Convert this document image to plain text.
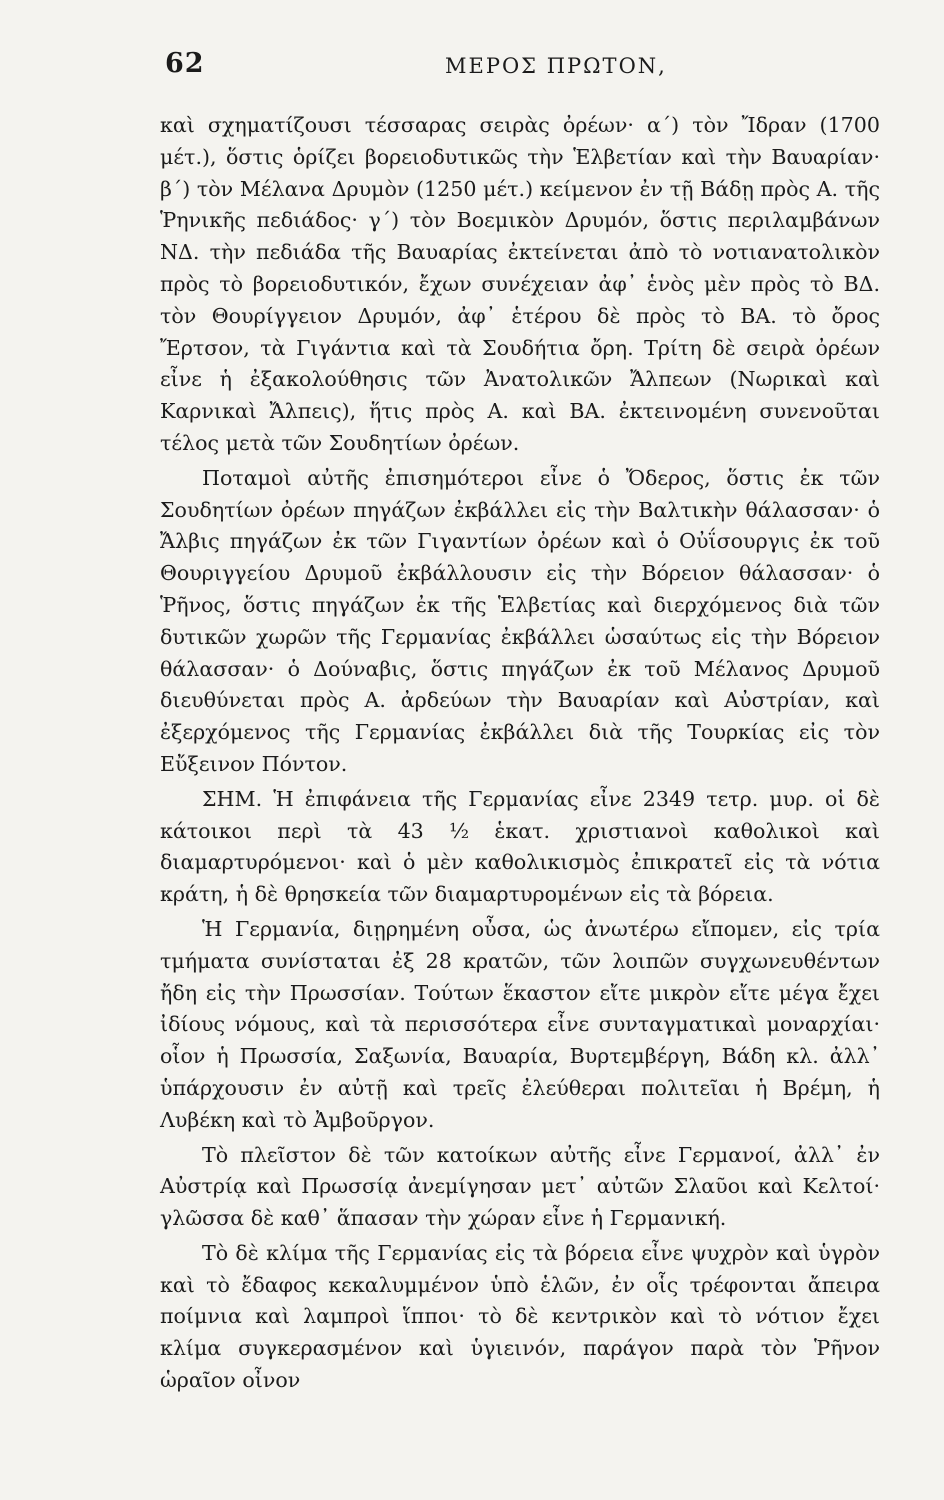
62	ΜΕΡΟΣ ΠΡΩΤΟΝ,

καὶ σχηματίζουσι τέσσαρας σειρὰς ὀρέων· α΄) τὸν Ἴδραν (1700 μέτ.), ὅστις ὁρίζει βορειοδυτικῶς τὴν Ἑλβετίαν καὶ τὴν Βαυαρίαν· β΄) τὸν Μέλανα Δρυμὸν (1250 μέτ.) κείμενον ἐν τῇ Βάδῃ πρὸς Α. τῆς Ῥηνικῆς πεδιάδος· γ΄) τὸν Βοεμικὸν Δρυμόν, ὅστις περιλαμβάνων ΝΔ. τὴν πεδιάδα τῆς Βαυαρίας ἐκτείνεται ἀπὸ τὸ νοτιανατολικὸν πρὸς τὸ βορειοδυτικόν, ἔχων συνέχειαν ἀφ᾽ ἑνὸς μὲν πρὸς τὸ ΒΔ. τὸν Θουρίγγειον Δρυμόν, ἀφ᾽ ἑτέρου δὲ πρὸς τὸ ΒΑ. τὸ ὄρος Ἔρτσον, τὰ Γιγάντια καὶ τὰ Σουδήτια ὄρη. Τρίτη δὲ σειρὰ ὀρέων εἶνε ἡ ἐξακολούθησις τῶν Ἀνατολικῶν Ἄλπεων (Νωρικαὶ καὶ Καρνικαὶ Ἄλπεις), ἥτις πρὸς Α. καὶ ΒΑ. ἐκτεινομένη συνενοῦται τέλος μετὰ τῶν Σουδητίων ὀρέων.

Ποταμοὶ αὐτῆς ἐπισημότεροι εἶνε ὁ Ὄδερος, ὅστις ἐκ τῶν Σουδητίων ὀρέων πηγάζων ἐκβάλλει εἰς τὴν Βαλτικὴν θάλασσαν· ὁ Ἄλβις πηγάζων ἐκ τῶν Γιγαντίων ὀρέων καὶ ὁ Οὐΐσουργις ἐκ τοῦ Θουριγγείου Δρυμοῦ ἐκβάλλουσιν εἰς τὴν Βόρειον θάλασσαν· ὁ Ῥῆνος, ὅστις πηγάζων ἐκ τῆς Ἑλβετίας καὶ διερχόμενος διὰ τῶν δυτικῶν χωρῶν τῆς Γερμανίας ἐκβάλλει ὡσαύτως εἰς τὴν Βόρειον θάλασσαν· ὁ Δούναβις, ὅστις πηγάζων ἐκ τοῦ Μέλανος Δρυμοῦ διευθύνεται πρὸς Α. ἀρδεύων τὴν Βαυαρίαν καὶ Αὐστρίαν, καὶ ἐξερχόμενος τῆς Γερμανίας ἐκβάλλει διὰ τῆς Τουρκίας εἰς τὸν Εὔξεινον Πόντον.

ΣΗΜ. Ἡ ἐπιφάνεια τῆς Γερμανίας εἶνε 2349 τετρ. μυρ. οἱ δὲ κάτοικοι περὶ τὰ 43 ½ ἑκατ. χριστιανοὶ καθολικοὶ καὶ διαμαρτυρόμενοι· καὶ ὁ μὲν καθολικισμὸς ἐπικρατεῖ εἰς τὰ νότια κράτη, ἡ δὲ θρησκεία τῶν διαμαρτυρομένων εἰς τὰ βόρεια.

Ἡ Γερμανία, διῃρημένη οὖσα, ὡς ἀνωτέρω εἴπομεν, εἰς τρία τμήματα συνίσταται ἐξ 28 κρατῶν, τῶν λοιπῶν συγχωνευθέντων ἤδη εἰς τὴν Πρωσσίαν. Τούτων ἕκαστον εἴτε μικρὸν εἴτε μέγα ἔχει ἰδίους νόμους, καὶ τὰ περισσότερα εἶνε συνταγματικαὶ μοναρχίαι· οἷον ἡ Πρωσσία, Σαξωνία, Βαυαρία, Βυρτεμβέργη, Βάδη κλ. ἀλλ᾽ ὑπάρχουσιν ἐν αὐτῇ καὶ τρεῖς ἐλεύθεραι πολιτεῖαι ἡ Βρέμη, ἡ Λυβέκη καὶ τὸ Ἀμβοῦργον.

Τὸ πλεῖστον δὲ τῶν κατοίκων αὐτῆς εἶνε Γερμανοί, ἀλλ᾽ ἐν Αὐστρίᾳ καὶ Πρωσσίᾳ ἀνεμίγησαν μετ᾽ αὐτῶν Σλαῦοι καὶ Κελτοί· γλῶσσα δὲ καθ᾽ ἅπασαν τὴν χώραν εἶνε ἡ Γερμανική.

Τὸ δὲ κλίμα τῆς Γερμανίας εἰς τὰ βόρεια εἶνε ψυχρὸν καὶ ὑγρὸν καὶ τὸ ἔδαφος κεκαλυμμένον ὑπὸ ἑλῶν, ἐν οἷς τρέφονται ἄπειρα ποίμνια καὶ λαμπροὶ ἵπποι· τὸ δὲ κεντρικὸν καὶ τὸ νότιον ἔχει κλίμα συγκερασμένον καὶ ὑγιεινόν, παράγον παρὰ τὸν Ῥῆνον ὡραῖον οἶνον
